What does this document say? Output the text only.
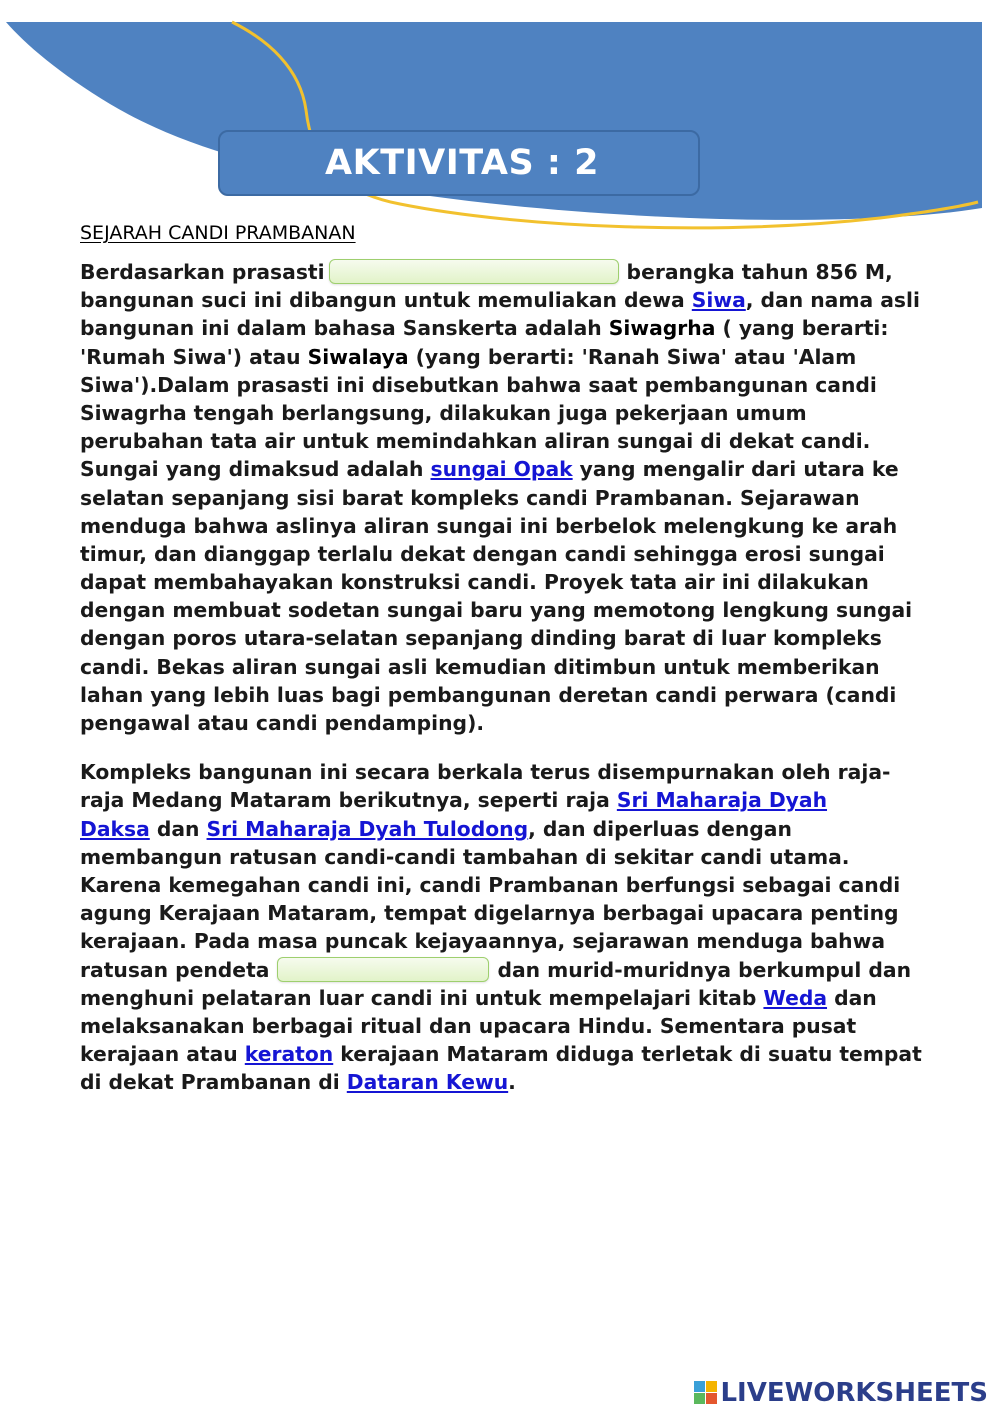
AKTIVITAS : 2
SEJARAH CANDI PRAMBANAN

Berdasarkan prasasti	berangka tahun 856 M,
bangunan suci ini dibangun untuk memuliakan dewa Siwa, dan nama asli
bangunan ini dalam bahasa Sanskerta adalah Siwagrha ( yang berarti:
'Rumah Siwa') atau Siwalaya (yang berarti: 'Ranah Siwa' atau 'Alam
Siwa').Dalam prasasti ini disebutkan bahwa saat pembangunan candi
Siwagrha tengah berlangsung, dilakukan juga pekerjaan umum
perubahan tata air untuk memindahkan aliran sungai di dekat candi.
Sungai yang dimaksud adalah sungai Opak yang mengalir dari utara ke
selatan sepanjang sisi barat kompleks candi Prambanan. Sejarawan
menduga bahwa aslinya aliran sungai ini berbelok melengkung ke arah
timur, dan dianggap terlalu dekat dengan candi sehingga erosi sungai
dapat membahayakan konstruksi candi. Proyek tata air ini dilakukan
dengan membuat sodetan sungai baru yang memotong lengkung sungai
dengan poros utara-selatan sepanjang dinding barat di luar kompleks
candi. Bekas aliran sungai asli kemudian ditimbun untuk memberikan
lahan yang lebih luas bagi pembangunan deretan candi perwara (candi
pengawal atau candi pendamping).

Kompleks bangunan ini secara berkala terus disempurnakan oleh raja-
raja Medang Mataram berikutnya, seperti raja Sri Maharaja Dyah
Daksa dan Sri Maharaja Dyah Tulodong, dan diperluas dengan
membangun ratusan candi-candi tambahan di sekitar candi utama.
Karena kemegahan candi ini, candi Prambanan berfungsi sebagai candi
agung Kerajaan Mataram, tempat digelarnya berbagai upacara penting
kerajaan. Pada masa puncak kejayaannya, sejarawan menduga bahwa
ratusan pendeta	dan murid-muridnya berkumpul dan
menghuni pelataran luar candi ini untuk mempelajari kitab Weda dan
melaksanakan berbagai ritual dan upacara Hindu. Sementara pusat
kerajaan atau keraton kerajaan Mataram diduga terletak di suatu tempat
di dekat Prambanan di Dataran Kewu.

LIVEWORKSHEETS
